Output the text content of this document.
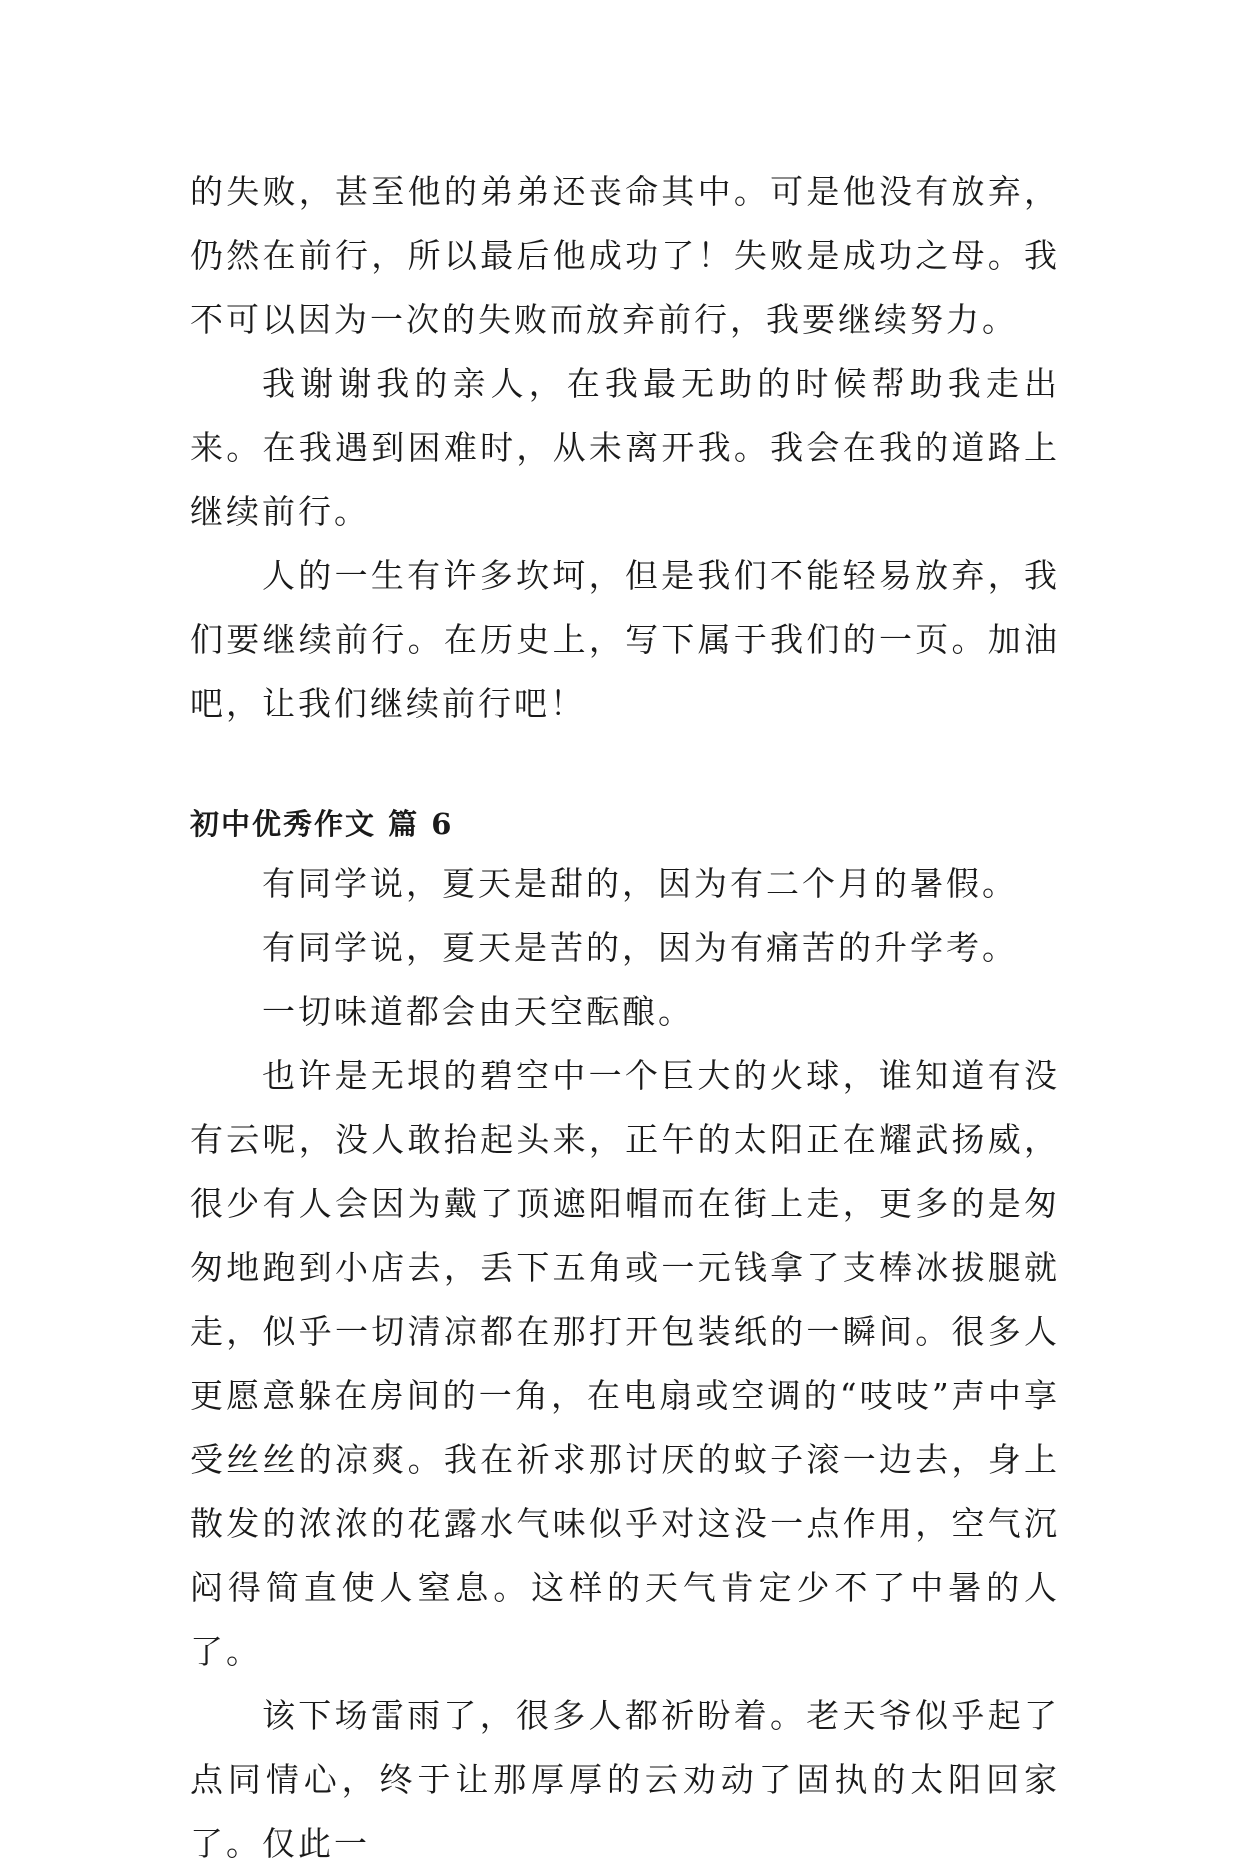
的失败，甚至他的弟弟还丧命其中。可是他没有放弃，仍然在前行，所以最后他成功了！失败是成功之母。我不可以因为一次的失败而放弃前行，我要继续努力。

我谢谢我的亲人，在我最无助的时候帮助我走出来。在我遇到困难时，从未离开我。我会在我的道路上继续前行。

人的一生有许多坎坷，但是我们不能轻易放弃，我们要继续前行。在历史上，写下属于我们的一页。加油吧，让我们继续前行吧！

初中优秀作文 篇 6

有同学说，夏天是甜的，因为有二个月的暑假。

有同学说，夏天是苦的，因为有痛苦的升学考。

一切味道都会由天空酝酿。

也许是无垠的碧空中一个巨大的火球，谁知道有没有云呢，没人敢抬起头来，正午的太阳正在耀武扬威，很少有人会因为戴了顶遮阳帽而在街上走，更多的是匆匆地跑到小店去，丢下五角或一元钱拿了支棒冰拔腿就走，似乎一切清凉都在那打开包装纸的一瞬间。很多人更愿意躲在房间的一角，在电扇或空调的“吱吱”声中享受丝丝的凉爽。我在祈求那讨厌的蚊子滚一边去，身上散发的浓浓的花露水气味似乎对这没一点作用，空气沉闷得简直使人窒息。这样的天气肯定少不了中暑的人了。

该下场雷雨了，很多人都祈盼着。老天爷似乎起了点同情心，终于让那厚厚的云劝动了固执的太阳回家了。仅此一
